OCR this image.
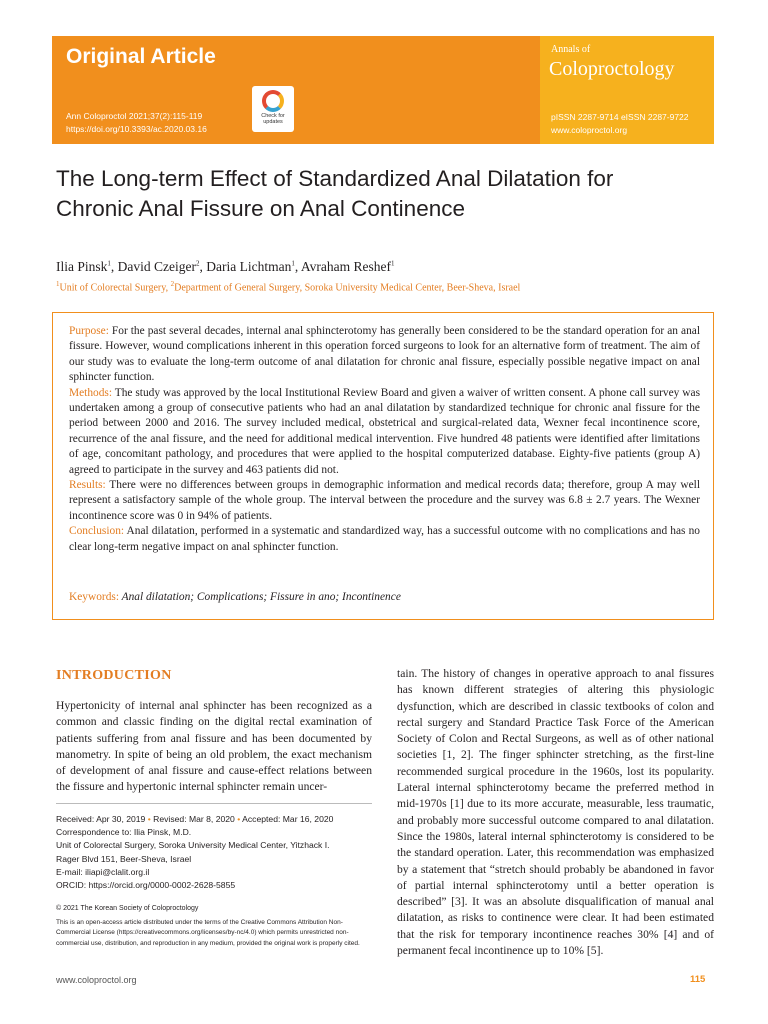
Original Article
Ann Coloproctol 2021;37(2):115-119
https://doi.org/10.3393/ac.2020.03.16
Check for updates
Annals of
Coloproctology
pISSN 2287-9714 eISSN 2287-9722
www.coloproctol.org
The Long-term Effect of Standardized Anal Dilatation for
Chronic Anal Fissure on Anal Continence
Ilia Pinsk$^1$, David Czeiger$^2$, Daria Lichtman$^1$, Avraham Reshef$^1$
$^1$Unit of Colorectal Surgery, $^2$Department of General Surgery, Soroka University Medical Center, Beer-Sheva, Israel

Purpose: For the past several decades, internal anal sphincterotomy has generally been considered to be the standard operation for an anal fissure. However, wound complications inherent in this operation forced surgeons to look for an alternative form of treatment. The aim of our study was to evaluate the long-term outcome of anal dilatation for chronic anal fissure, especially possible negative impact on anal sphincter function.
Methods: The study was approved by the local Institutional Review Board and given a waiver of written consent. A phone call survey was undertaken among a group of consecutive patients who had an anal dilatation by standardized technique for chronic anal fissure for the period between 2000 and 2016. The survey included medical, obstetrical and surgical-related data, Wexner fecal incontinence score, recurrence of the anal fissure, and the need for additional medical intervention. Five hundred 48 patients were identified after limitations of age, concomitant pathology, and procedures that were applied to the hospital computerized database. Eighty-five patients (group A) agreed to participate in the survey and 463 patients did not.
Results: There were no differences between groups in demographic information and medical records data; therefore, group A may well represent a satisfactory sample of the whole group. The interval between the procedure and the survey was 6.8 ± 2.7 years. The Wexner incontinence score was 0 in 94% of patients.
Conclusion: Anal dilatation, performed in a systematic and standardized way, has a successful outcome with no complications and has no clear long-term negative impact on anal sphincter function.

Keywords: Anal dilatation; Complications; Fissure in ano; Incontinence
INTRODUCTION

Hypertonicity of internal anal sphincter has been recognized as a common and classic finding on the digital rectal examination of patients suffering from anal fissure and has been documented by manometry. In spite of being an old problem, the exact mechanism of development of anal fissure and cause-effect relations between the fissure and hypertonic internal sphincter remain uncer-

tain. The history of changes in operative approach to anal fissures has known different strategies of altering this physiologic dysfunction, which are described in classic textbooks of colon and rectal surgery and Standard Practice Task Force of the American Society of Colon and Rectal Surgeons, as well as of other national societies [1, 2]. The finger sphincter stretching, as the first-line recommended surgical procedure in the 1960s, lost its popularity. Lateral internal sphincterotomy became the preferred method in mid-1970s [1] due to its more accurate, measurable, less traumatic, and probably more successful outcome compared to anal dilatation. Since the 1980s, lateral internal sphincterotomy is considered to be the standard operation. Later, this recommendation was emphasized by a statement that “stretch should probably be abandoned in favor of partial internal sphincterotomy until a better operation is described” [3]. It was an absolute disqualification of manual anal dilatation, as risks to continence were clear. It had been estimated that the risk for temporary incontinence reaches 30% [4] and of permanent fecal incontinence up to 10% [5].

Received: Apr 30, 2019 • Revised: Mar 8, 2020 • Accepted: Mar 16, 2020
Correspondence to: Ilia Pinsk, M.D.
Unit of Colorectal Surgery, Soroka University Medical Center, Yitzhack I.
Rager Blvd 151, Beer-Sheva, Israel
E-mail: iliapi@clalit.org.il
ORCID: https://orcid.org/0000-0002-2628-5855
© 2021 The Korean Society of Coloproctology
This is an open-access article distributed under the terms of the Creative Commons Attribution Non-Commercial License (https://creativecommons.org/licenses/by-nc/4.0) which permits unrestricted non-commercial use, distribution, and reproduction in any medium, provided the original work is properly cited.
www.coloproctol.org	115
